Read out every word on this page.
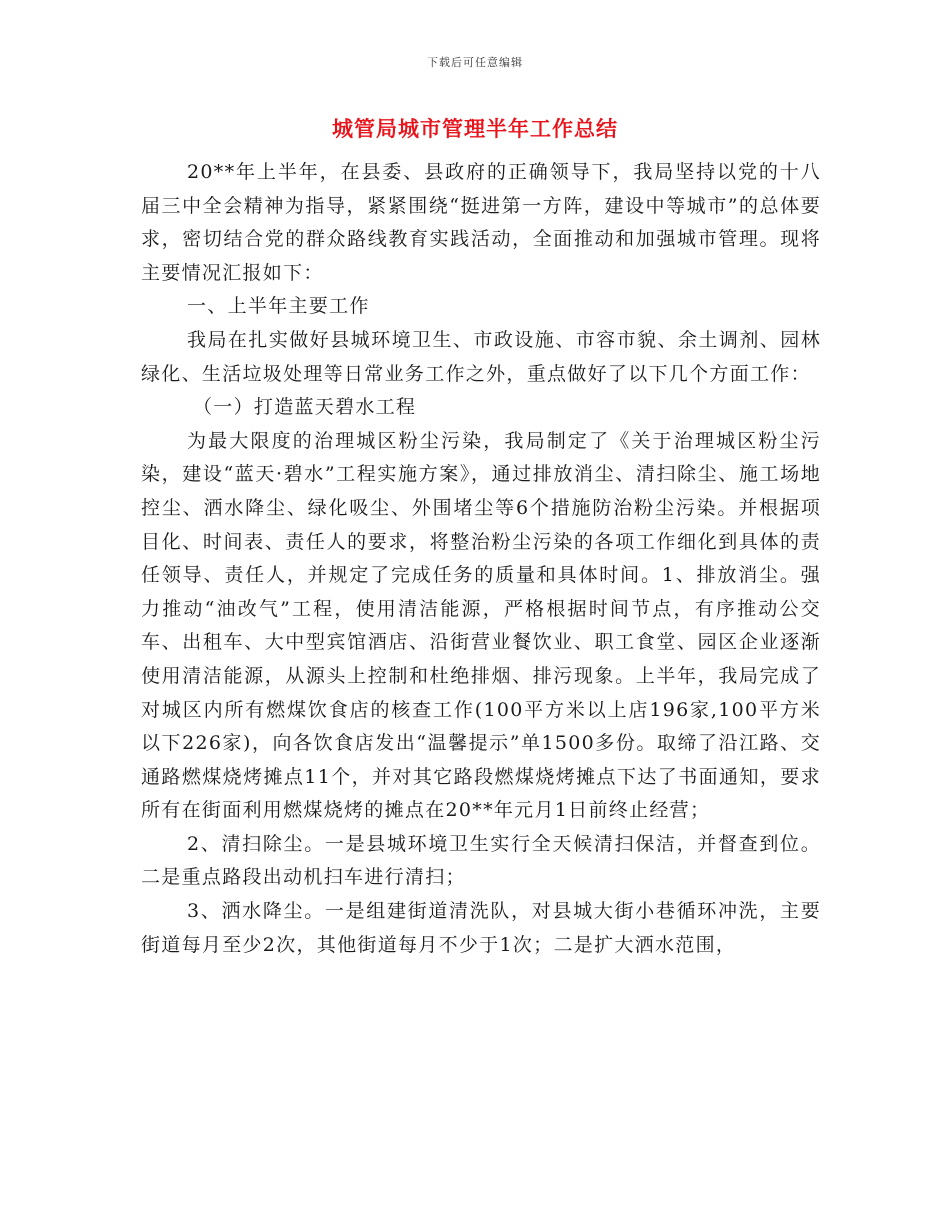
下载后可任意编辑
城管局城市管理半年工作总结

20**年上半年，在县委、县政府的正确领导下，我局坚持以党的十八届三中全会精神为指导，紧紧围绕“挺进第一方阵，建设中等城市”的总体要求，密切结合党的群众路线教育实践活动，全面推动和加强城市管理。现将主要情况汇报如下：

一、上半年主要工作

我局在扎实做好县城环境卫生、市政设施、市容市貌、余土调剂、园林绿化、生活垃圾处理等日常业务工作之外，重点做好了以下几个方面工作：

（一）打造蓝天碧水工程

为最大限度的治理城区粉尘污染，我局制定了《关于治理城区粉尘污染，建设“蓝天·碧水”工程实施方案》，通过排放消尘、清扫除尘、施工场地控尘、洒水降尘、绿化吸尘、外围堵尘等6个措施防治粉尘污染。并根据项目化、时间表、责任人的要求，将整治粉尘污染的各项工作细化到具体的责任领导、责任人，并规定了完成任务的质量和具体时间。1、排放消尘。强力推动“油改气”工程，使用清洁能源，严格根据时间节点，有序推动公交车、出租车、大中型宾馆酒店、沿街营业餐饮业、职工食堂、园区企业逐渐使用清洁能源，从源头上控制和杜绝排烟、排污现象。上半年，我局完成了对城区内所有燃煤饮食店的核查工作(100平方米以上店196家,100平方米以下226家)，向各饮食店发出“温馨提示”单1500多份。取缔了沿江路、交通路燃煤烧烤摊点11个，并对其它路段燃煤烧烤摊点下达了书面通知，要求所有在街面利用燃煤烧烤的摊点在20**年元月1日前终止经营；

2、清扫除尘。一是县城环境卫生实行全天候清扫保洁，并督查到位。二是重点路段出动机扫车进行清扫；

3、洒水降尘。一是组建街道清洗队，对县城大街小巷循环冲洗，主要街道每月至少2次，其他街道每月不少于1次；二是扩大洒水范围，
